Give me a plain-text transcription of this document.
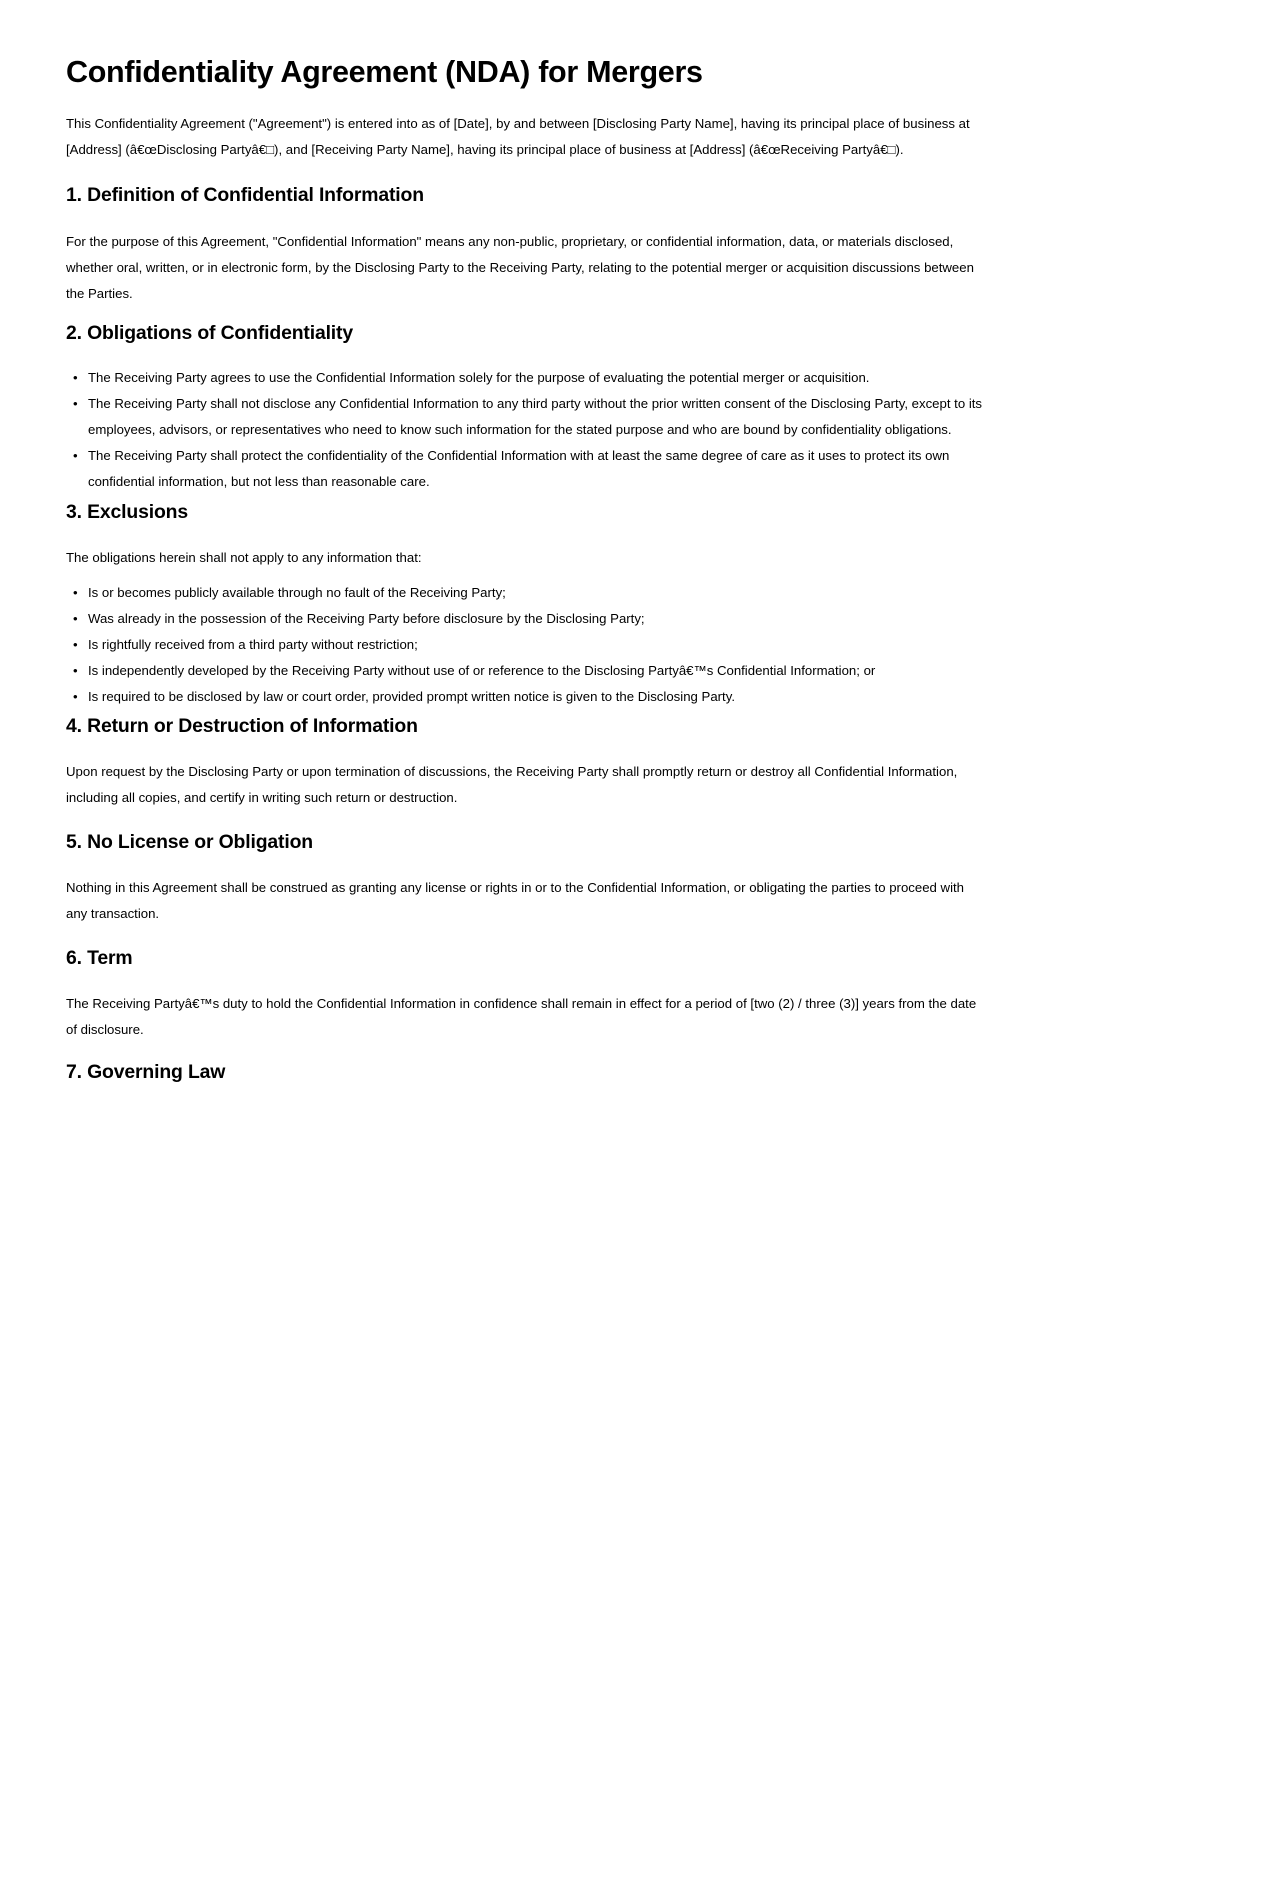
Confidentiality Agreement (NDA) for Mergers

This Confidentiality Agreement ("Agreement") is entered into as of [Date], by and between [Disclosing Party Name], having its principal place of business at [Address] (â€œDisclosing Partyâ€□), and [Receiving Party Name], having its principal place of business at [Address] (â€œReceiving Partyâ€□).

1. Definition of Confidential Information

For the purpose of this Agreement, "Confidential Information" means any non-public, proprietary, or confidential information, data, or materials disclosed, whether oral, written, or in electronic form, by the Disclosing Party to the Receiving Party, relating to the potential merger or acquisition discussions between the Parties.

2. Obligations of Confidentiality
• The Receiving Party agrees to use the Confidential Information solely for the purpose of evaluating the potential merger or acquisition.
• The Receiving Party shall not disclose any Confidential Information to any third party without the prior written consent of the Disclosing Party, except to its employees, advisors, or representatives who need to know such information for the stated purpose and who are bound by confidentiality obligations.
• The Receiving Party shall protect the confidentiality of the Confidential Information with at least the same degree of care as it uses to protect its own confidential information, but not less than reasonable care.
3. Exclusions

The obligations herein shall not apply to any information that:

• Is or becomes publicly available through no fault of the Receiving Party;
• Was already in the possession of the Receiving Party before disclosure by the Disclosing Party;
• Is rightfully received from a third party without restriction;
• Is independently developed by the Receiving Party without use of or reference to the Disclosing Partyâ€™s Confidential Information; or
• Is required to be disclosed by law or court order, provided prompt written notice is given to the Disclosing Party.
4. Return or Destruction of Information

Upon request by the Disclosing Party or upon termination of discussions, the Receiving Party shall promptly return or destroy all Confidential Information, including all copies, and certify in writing such return or destruction.

5. No License or Obligation

Nothing in this Agreement shall be construed as granting any license or rights in or to the Confidential Information, or obligating the parties to proceed with any transaction.

6. Term

The Receiving Partyâ€™s duty to hold the Confidential Information in confidence shall remain in effect for a period of [two (2) / three (3)] years from the date of disclosure.

7. Governing Law
